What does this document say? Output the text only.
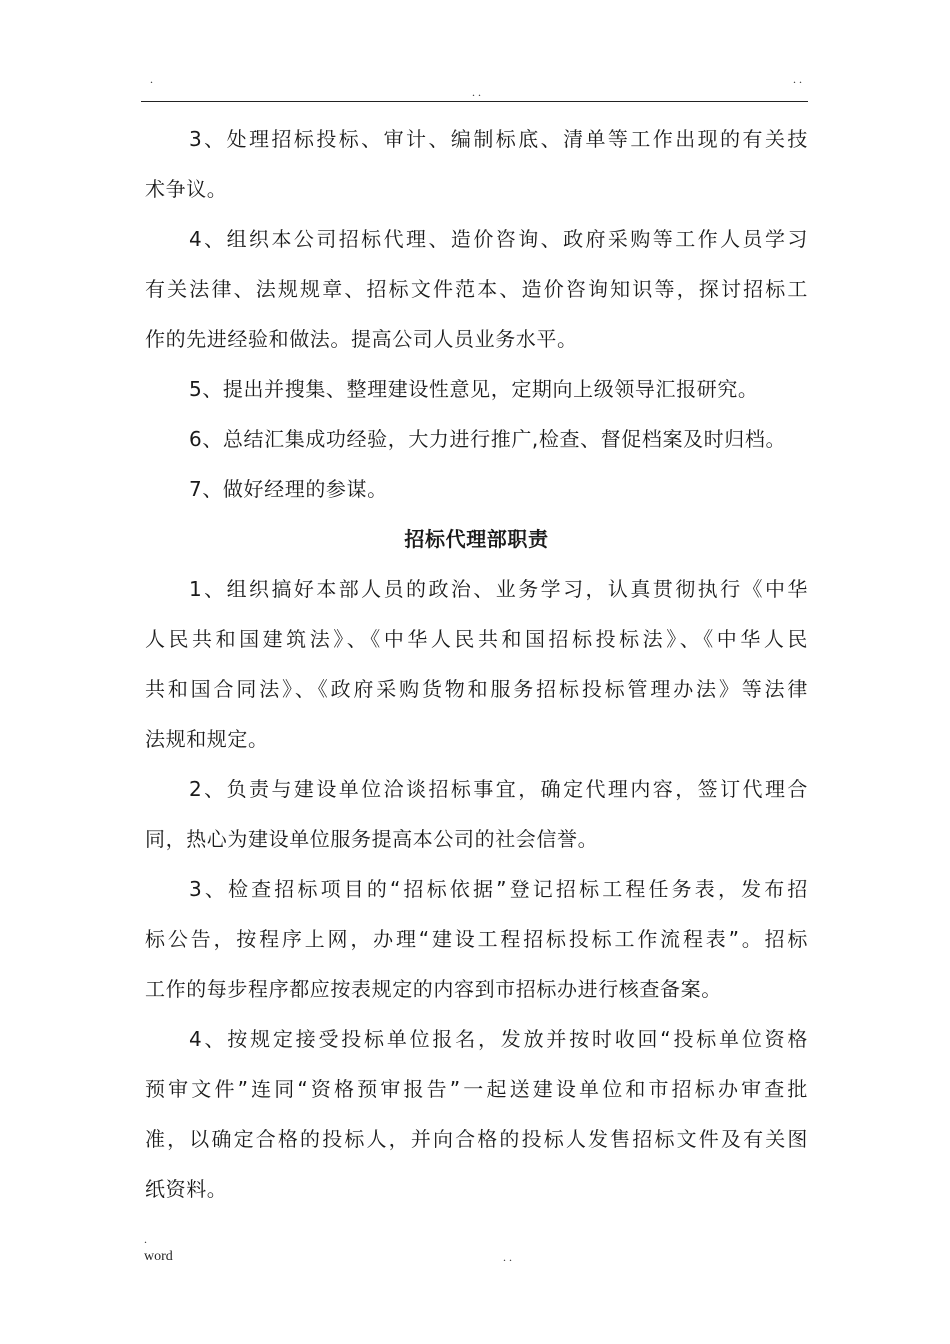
.
. .
. .
3、处理招标投标、审计、编制标底、清单等工作出现的有关技
术争议。
4、组织本公司招标代理、造价咨询、政府采购等工作人员学习
有关法律、法规规章、招标文件范本、造价咨询知识等，探讨招标工
作的先进经验和做法。提高公司人员业务水平。
5、提出并搜集、整理建设性意见，定期向上级领导汇报研究。
6、总结汇集成功经验，大力进行推广,检查、督促档案及时归档。
7、做好经理的参谋。
招标代理部职责
1、组织搞好本部人员的政治、业务学习，认真贯彻执行《中华
人民共和国建筑法》、《中华人民共和国招标投标法》、《中华人民
共和国合同法》、《政府采购货物和服务招标投标管理办法》等法律
法规和规定。
2、负责与建设单位洽谈招标事宜，确定代理内容，签订代理合
同，热心为建设单位服务提高本公司的社会信誉。
3、检查招标项目的“招标依据”登记招标工程任务表，发布招
标公告，按程序上网，办理“建设工程招标投标工作流程表”。招标
工作的每步程序都应按表规定的内容到市招标办进行核查备案。
4、按规定接受投标单位报名，发放并按时收回“投标单位资格
预审文件”连同“资格预审报告”一起送建设单位和市招标办审查批
准，以确定合格的投标人，并向合格的投标人发售招标文件及有关图
纸资料。
.
word	. .
